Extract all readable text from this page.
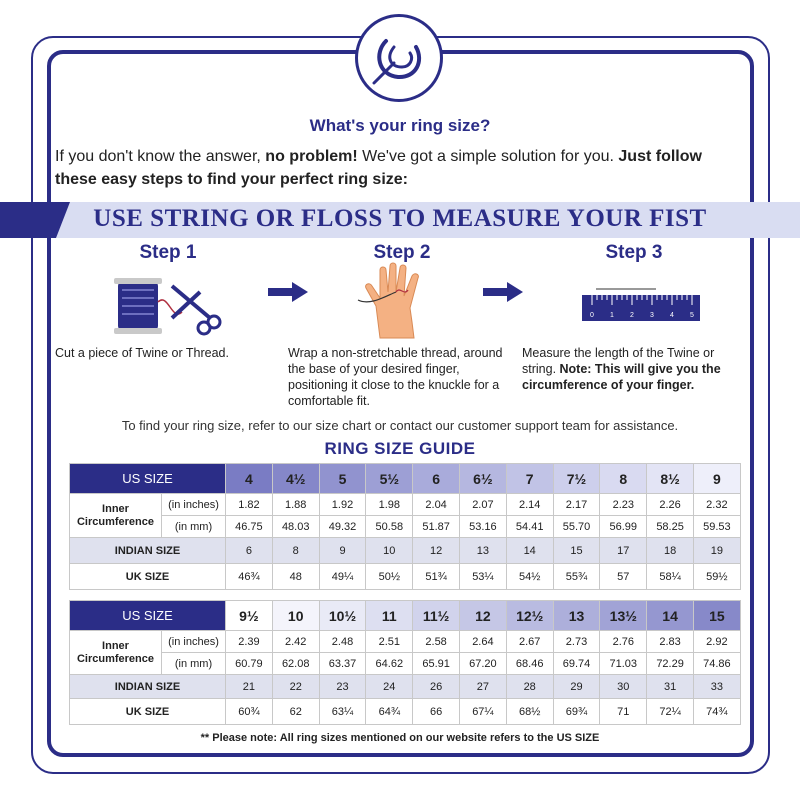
What's your ring size?
If you don't know the answer, no problem! We've got a simple solution for you. Just follow these easy steps to find your perfect ring size:
USE STRING OR FLOSS TO MEASURE YOUR FIST
Step 1	Step 2	Step 3
0 1 2 3 4 5
Cut a piece of Twine or Thread.	Wrap a non-stretchable thread, around the base of your desired finger, positioning it close to the knuckle for a comfortable fit.
Measure the length of the Twine or string. Note: This will give you the circumference of your finger.
To find your ring size, refer to our size chart or contact our customer support team for assistance.
RING SIZE GUIDE
US SIZE		4	4½	5	5½	6	6½	7	7½	8	8½	9
Inner Circumference	(in inches)	1.82	1.88	1.92	1.98	2.04	2.07	2.14	2.17	2.23	2.26	2.32
	(in mm)	46.75	48.03	49.32	50.58	51.87	53.16	54.41	55.70	56.99	58.25	59.53
INDIAN SIZE		6	8	9	10	12	13	14	15	17	18	19
UK SIZE		46¾	48	49¼	50½	51¾	53¼	54½	55¾	57	58¼	59½
US SIZE		9½	10	10½	11	11½	12	12½	13	13½	14	15
Inner Circumference	(in inches)	2.39	2.42	2.48	2.51	2.58	2.64	2.67	2.73	2.76	2.83	2.92
	(in mm)	60.79	62.08	63.37	64.62	65.91	67.20	68.46	69.74	71.03	72.29	74.86
INDIAN SIZE		21	22	23	24	26	27	28	29	30	31	33
UK SIZE		60¾	62	63¼	64¾	66	67¼	68½	69¾	71	72¼	74¾
** Please note: All ring sizes mentioned on our website refers to the US SIZE
